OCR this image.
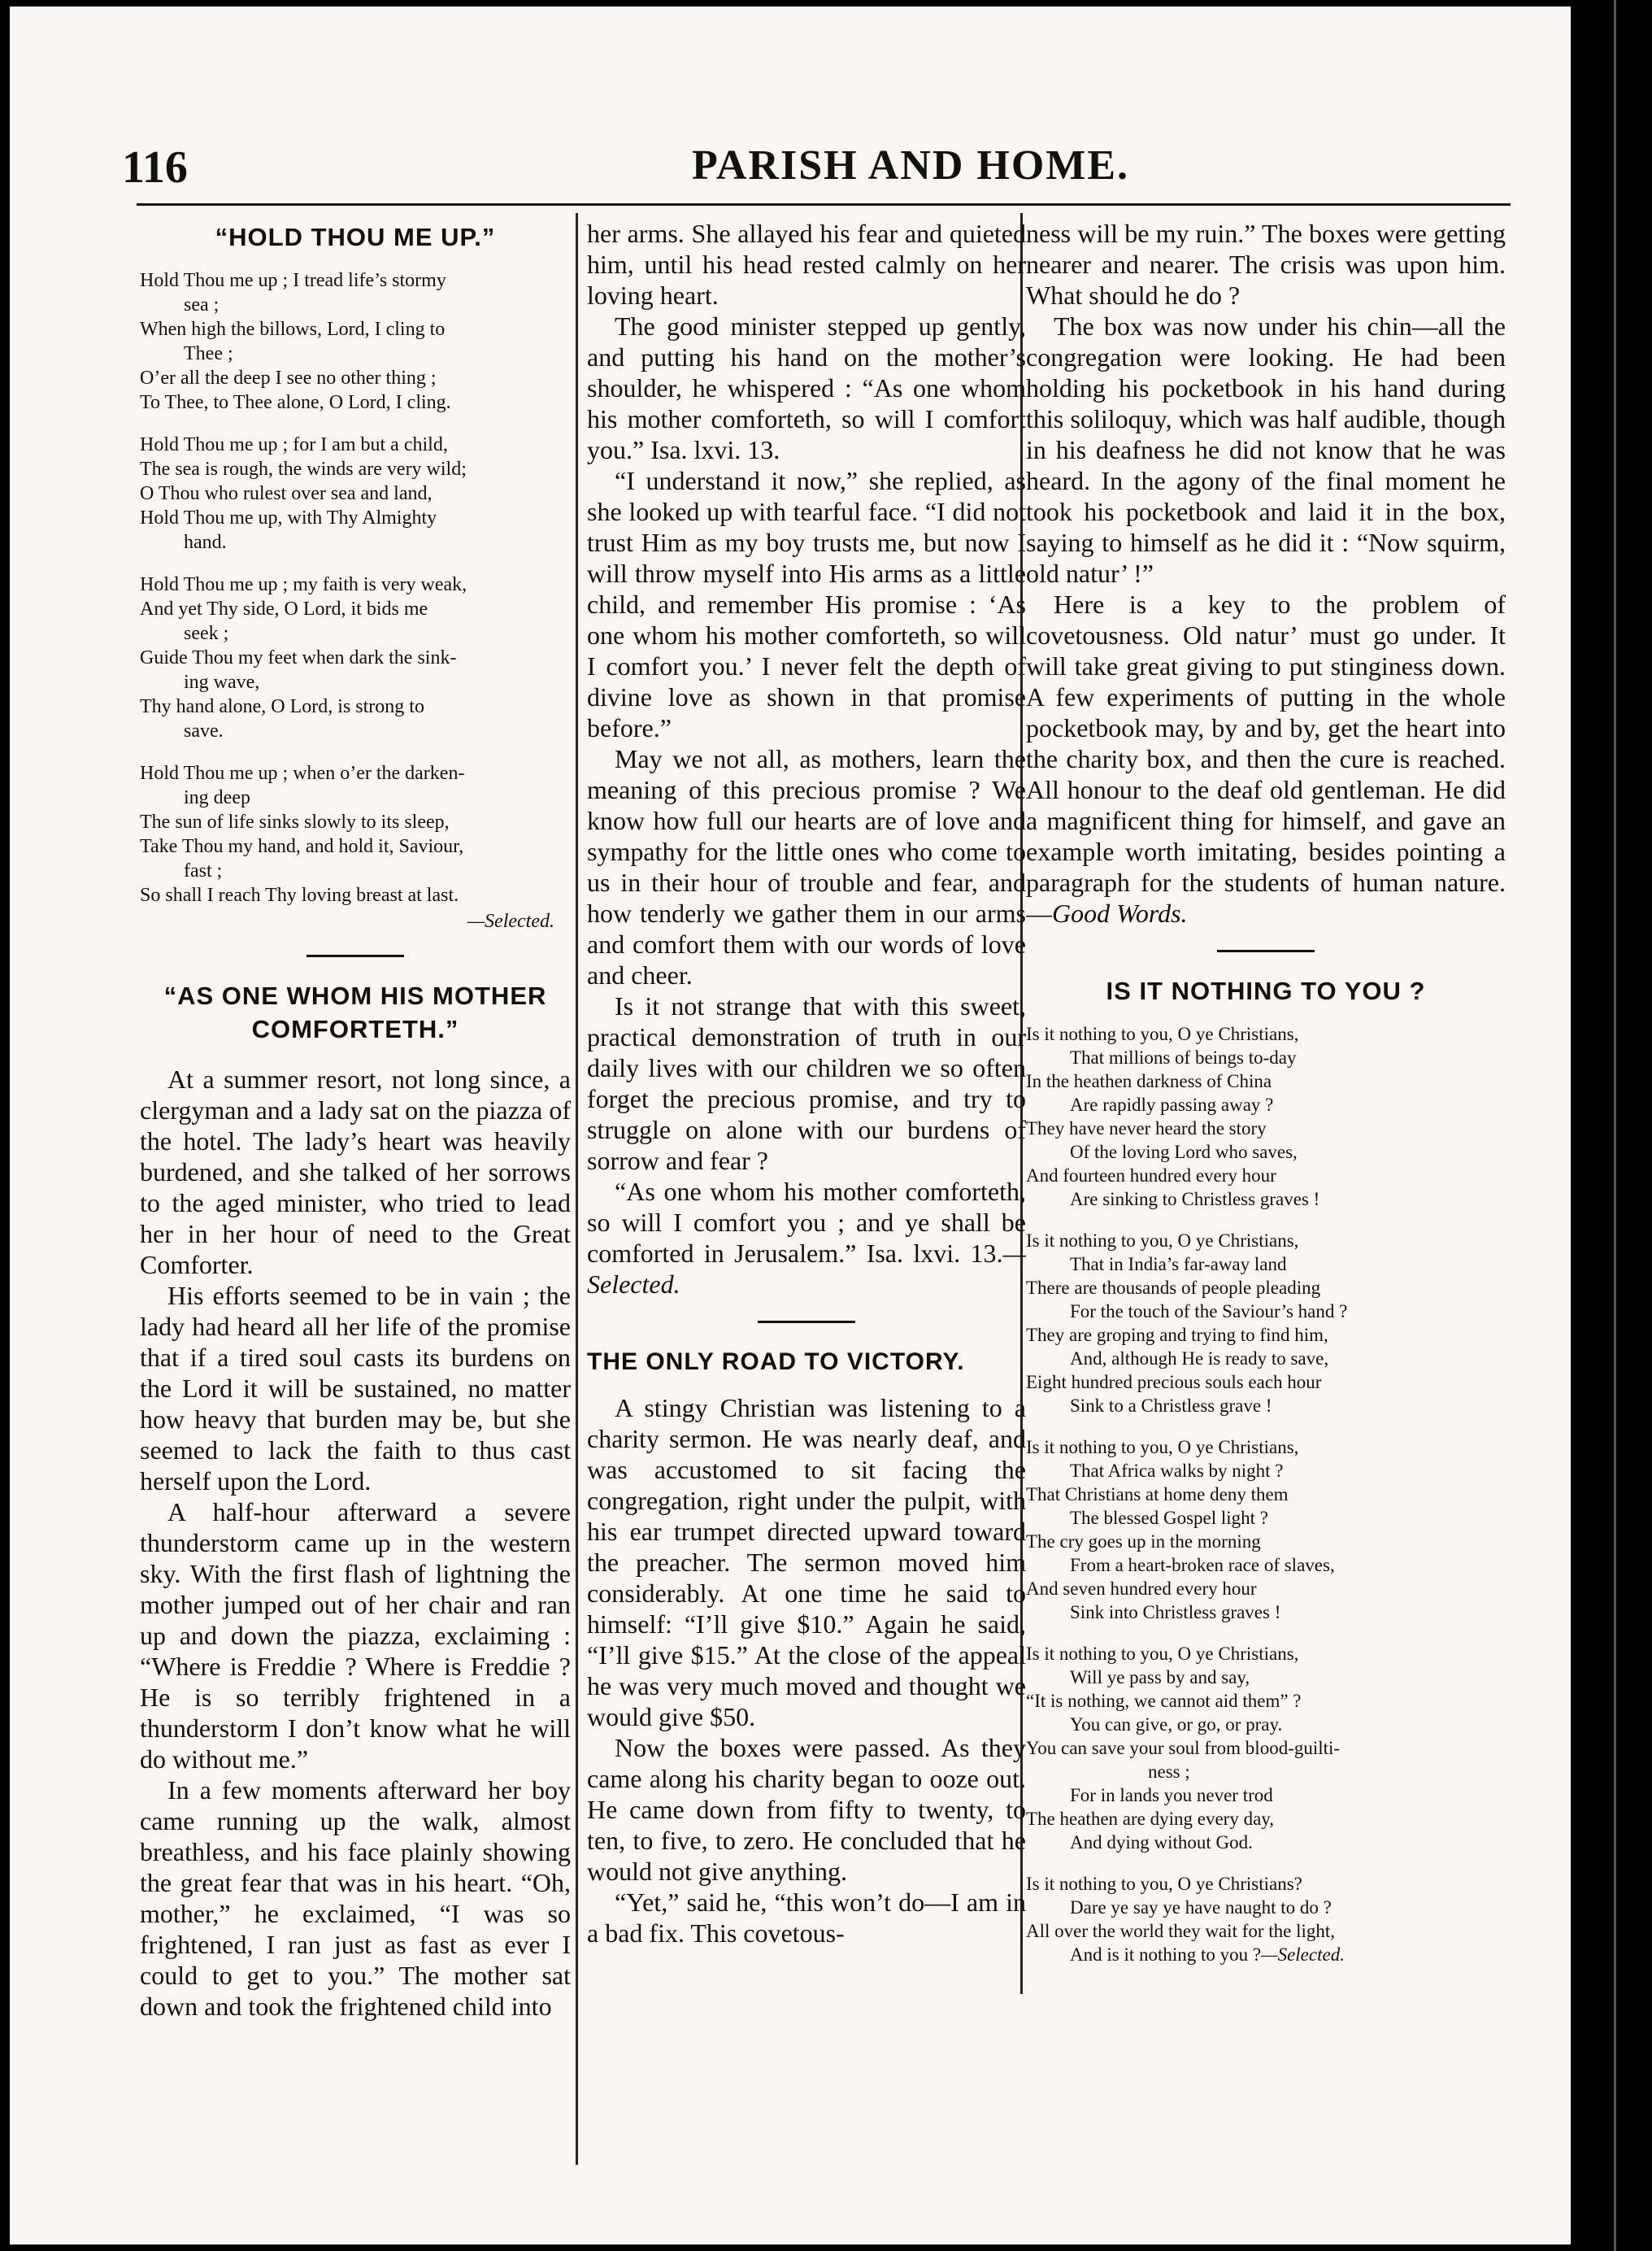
116	PARISH AND HOME.
“HOLD THOU ME UP.”
Hold Thou me up ; I tread life’s stormy
sea ;
When high the billows, Lord, I cling to
Thee ;
O’er all the deep I see no other thing ;
To Thee, to Thee alone, O Lord, I cling.
Hold Thou me up ; for I am but a child,
The sea is rough, the winds are very wild;
O Thou who rulest over sea and land,
Hold Thou me up, with Thy Almighty
hand.
Hold Thou me up ; my faith is very weak,
And yet Thy side, O Lord, it bids me
seek ;
Guide Thou my feet when dark the sink-
ing wave,
Thy hand alone, O Lord, is strong to
save.
Hold Thou me up ; when o’er the darken-
ing deep
The sun of life sinks slowly to its sleep,
Take Thou my hand, and hold it, Saviour,
fast ;
So shall I reach Thy loving breast at last.
—Selected.
“AS ONE WHOM HIS MOTHER
COMFORTETH.”

At a summer resort, not long since, a clergyman and a lady sat on the piazza of the hotel. The lady’s heart was heavily burdened, and she talked of her sorrows to the aged minister, who tried to lead her in her hour of need to the Great Comforter.

His efforts seemed to be in vain ; the lady had heard all her life of the promise that if a tired soul casts its burdens on the Lord it will be sustained, no matter how heavy that burden may be, but she seemed to lack the faith to thus cast herself upon the Lord.

A half-hour afterward a severe thunderstorm came up in the western sky. With the first flash of lightning the mother jumped out of her chair and ran up and down the piazza, exclaiming : “Where is Freddie ? Where is Freddie ? He is so terribly frightened in a thunderstorm I don’t know what he will do without me.”

In a few moments afterward her boy came running up the walk, almost breathless, and his face plainly showing the great fear that was in his heart. “Oh, mother,” he exclaimed, “I was so frightened, I ran just as fast as ever I could to get to you.” The mother sat down and took the frightened child into

her arms. She allayed his fear and quieted him, until his head rested calmly on her loving heart.

The good minister stepped up gently, and putting his hand on the mother’s shoulder, he whispered : “As one whom his mother comforteth, so will I comfort you.” Isa. lxvi. 13.

“I understand it now,” she replied, as she looked up with tearful face. “I did not trust Him as my boy trusts me, but now I will throw myself into His arms as a little child, and remember His promise : ‘As one whom his mother comforteth, so will I comfort you.’ I never felt the depth of divine love as shown in that promise before.”

May we not all, as mothers, learn the meaning of this precious promise ? We know how full our hearts are of love and sympathy for the little ones who come to us in their hour of trouble and fear, and how tenderly we gather them in our arms and comfort them with our words of love and cheer.

Is it not strange that with this sweet, practical demonstration of truth in our daily lives with our children we so often forget the precious promise, and try to struggle on alone with our burdens of sorrow and fear ?

“As one whom his mother comforteth, so will I comfort you ; and ye shall be comforted in Jerusalem.” Isa. lxvi. 13.—Selected.

THE ONLY ROAD TO VICTORY.

A stingy Christian was listening to a charity sermon. He was nearly deaf, and was accustomed to sit facing the congregation, right under the pulpit, with his ear trumpet directed upward toward the preacher. The sermon moved him considerably. At one time he said to himself: “I’ll give $10.” Again he said, “I’ll give $15.” At the close of the appeal he was very much moved and thought we would give $50.

Now the boxes were passed. As they came along his charity began to ooze out. He came down from fifty to twenty, to ten, to five, to zero. He concluded that he would not give anything.

“Yet,” said he, “this won’t do—I am in a bad fix. This covetous-

ness will be my ruin.” The boxes were getting nearer and nearer. The crisis was upon him. What should he do ?

The box was now under his chin—all the congregation were looking. He had been holding his pocketbook in his hand during this soliloquy, which was half audible, though in his deafness he did not know that he was heard. In the agony of the final moment he took his pocketbook and laid it in the box, saying to himself as he did it : “Now squirm, old natur’ !”

Here is a key to the problem of covetousness. Old natur’ must go under. It will take great giving to put stinginess down. A few experiments of putting in the whole pocketbook may, by and by, get the heart into the charity box, and then the cure is reached. All honour to the deaf old gentleman. He did a magnificent thing for himself, and gave an example worth imitating, besides pointing a paragraph for the students of human nature.—Good Words.

IS IT NOTHING TO YOU ?
Is it nothing to you, O ye Christians,
That millions of beings to-day
In the heathen darkness of China
Are rapidly passing away ?
They have never heard the story
Of the loving Lord who saves,
And fourteen hundred every hour
Are sinking to Christless graves !
Is it nothing to you, O ye Christians,
That in India’s far-away land
There are thousands of people pleading
For the touch of the Saviour’s hand ?
They are groping and trying to find him,
And, although He is ready to save,
Eight hundred precious souls each hour
Sink to a Christless grave !
Is it nothing to you, O ye Christians,
That Africa walks by night ?
That Christians at home deny them
The blessed Gospel light ?
The cry goes up in the morning
From a heart-broken race of slaves,
And seven hundred every hour
Sink into Christless graves !
Is it nothing to you, O ye Christians,
Will ye pass by and say,
“It is nothing, we cannot aid them” ?
You can give, or go, or pray.
You can save your soul from blood-guilti-
ness ;
For in lands you never trod
The heathen are dying every day,
And dying without God.
Is it nothing to you, O ye Christians?
Dare ye say ye have naught to do ?
All over the world they wait for the light,
And is it nothing to you ?—Selected.
